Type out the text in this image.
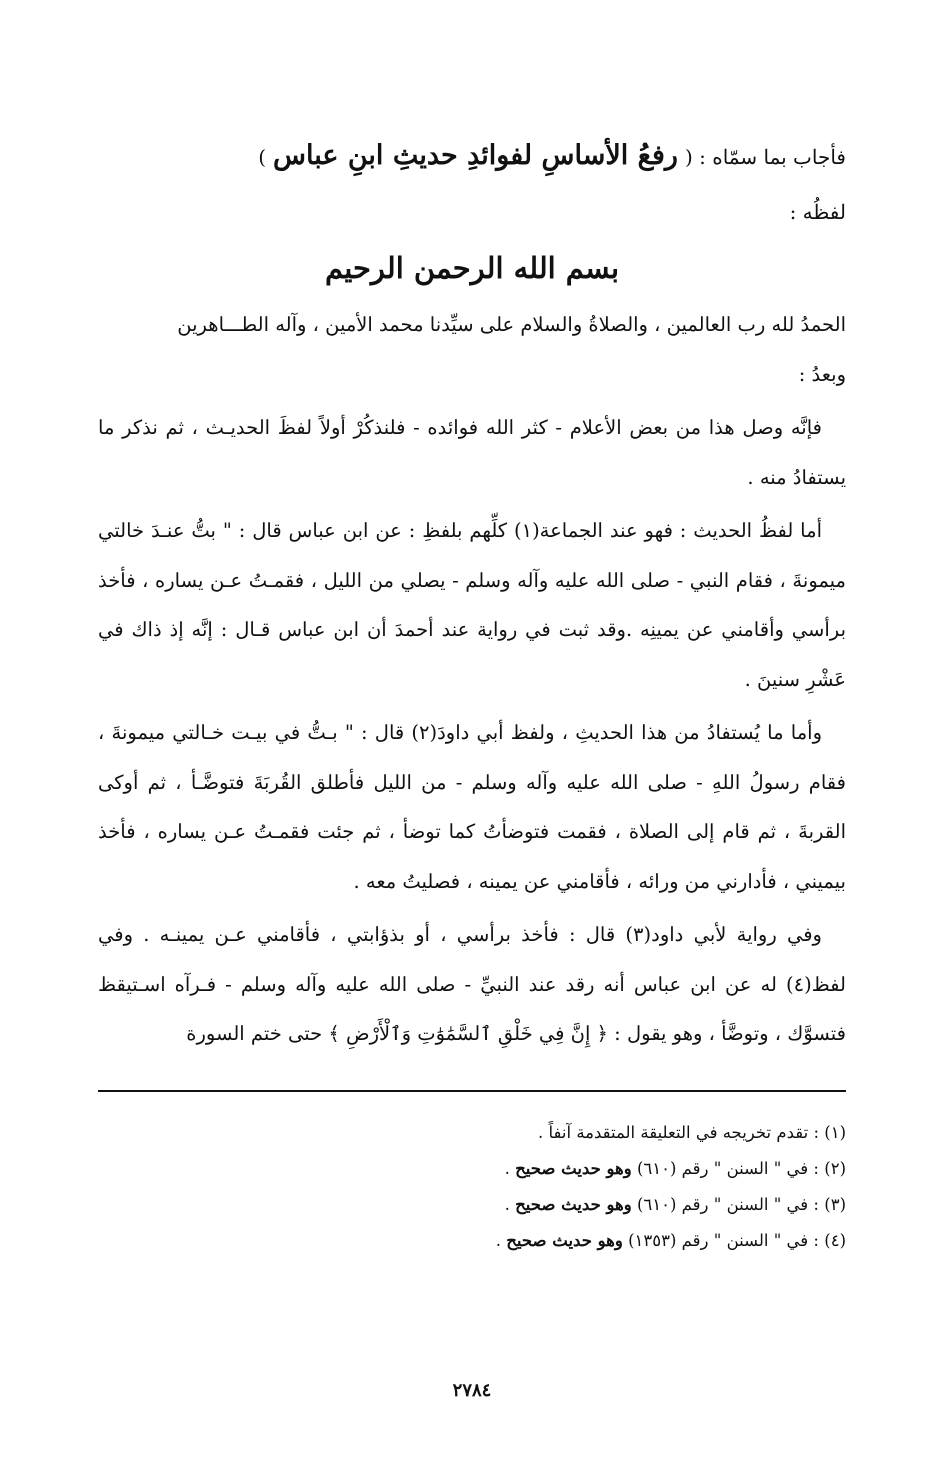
فأجاب بما سمّاه : ( رفعُ الأساسِ لفوائدِ حديثِ ابنِ عباس )
لفظُه :
بسم الله الرحمن الرحيم

الحمدُ لله رب العالمين ، والصلاةُ والسلام على سيِّدنا محمد الأمين ، وآله الطـــاهرين

وبعدُ :

فإنَّه وصل هذا من بعض الأعلام - كثر الله فوائده - فلنذكُرْ أولاً لفظَ الحديـث ، ثم نذكر ما يستفادُ منه .

أما لفظُ الحديث : فهو عند الجماعة(١) كلِّهم بلفظِ : عن ابن عباس قال : " بتُّ عنـدَ خالتي ميمونةَ ، فقام النبي - صلى الله عليه وآله وسلم - يصلي من الليل ، فقمـتُ عـن يساره ، فأخذ برأسي وأقامني عن يمينِه .وقد ثبت في رواية عند أحمدَ أن ابن عباس قـال : إنَّه إذ ذاك في عَشْرِ سنينَ .

وأما ما يُستفادُ من هذا الحديثِ ، ولفظ أبي داودَ(٢) قال : " بـتُّ في بيـت خـالتي ميمونةَ ، فقام رسولُ اللهِ - صلى الله عليه وآله وسلم - من الليل فأطلق القُربَةَ فتوضَّـأ ، ثم أوكى القربةَ ، ثم قام إلى الصلاة ، فقمت فتوضأتُ كما توضأ ، ثم جئت فقمـتُ عـن يساره ، فأخذ بيميني ، فأدارني من ورائه ، فأقامني عن يمينه ، فصليتُ معه .

وفي رواية لأبي داود(٣) قال : فأخذ برأسي ، أو بذؤابتي ، فأقامني عـن يمينـه . وفي لفظ(٤) له عن ابن عباس أنه رقد عند النبيِّ - صلى الله عليه وآله وسلم - فـرآه اسـتيقظ فتسوَّك ، وتوضَّأ ، وهو يقول : ﴿ إِنَّ فِي خَلْقِ ٱلسَّمَٰوَٰتِ وَٱلْأَرْضِ ﴾ حتى ختم السورة

(١) : تقدم تخريجه في التعليقة المتقدمة آنفاً .
(٢) : في " السنن " رقم (٦١٠) وهو حديث صحيح .
(٣) : في " السنن " رقم (٦١٠) وهو حديث صحيح .
(٤) : في " السنن " رقم (١٣٥٣) وهو حديث صحيح .
٢٧٨٤
